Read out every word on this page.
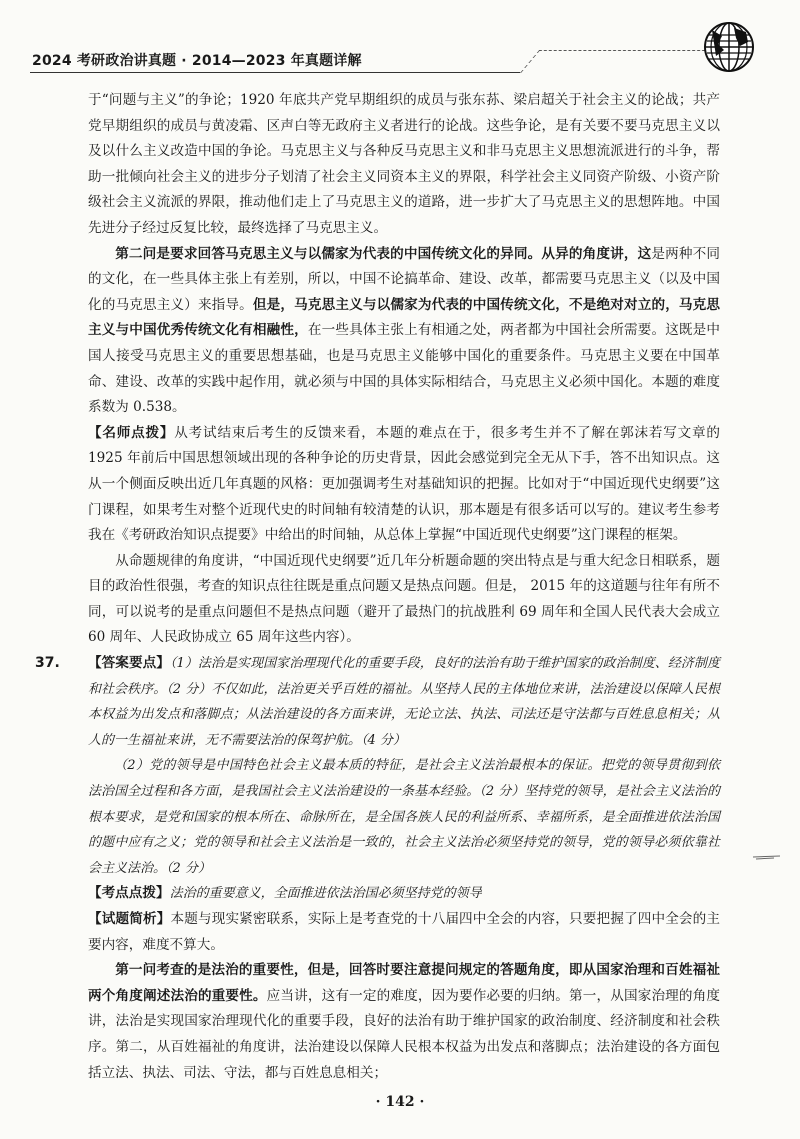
2024 考研政治讲真题 · 2014—2023 年真题详解

于“问题与主义”的争论；1920 年底共产党早期组织的成员与张东荪、梁启超关于社会主义的论战；共产党早期组织的成员与黄凌霜、区声白等无政府主义者进行的论战。这些争论，是有关要不要马克思主义以及以什么主义改造中国的争论。马克思主义与各种反马克思主义和非马克思主义思想流派进行的斗争，帮助一批倾向社会主义的进步分子划清了社会主义同资本主义的界限，科学社会主义同资产阶级、小资产阶级社会主义流派的界限，推动他们走上了马克思主义的道路，进一步扩大了马克思主义的思想阵地。中国先进分子经过反复比较，最终选择了马克思主义。

第二问是要求回答马克思主义与以儒家为代表的中国传统文化的异同。从异的角度讲，这是两种不同的文化，在一些具体主张上有差别，所以，中国不论搞革命、建设、改革，都需要马克思主义（以及中国化的马克思主义）来指导。但是，马克思主义与以儒家为代表的中国传统文化，不是绝对对立的，马克思主义与中国优秀传统文化有相融性，在一些具体主张上有相通之处，两者都为中国社会所需要。这既是中国人接受马克思主义的重要思想基础，也是马克思主义能够中国化的重要条件。马克思主义要在中国革命、建设、改革的实践中起作用，就必须与中国的具体实际相结合，马克思主义必须中国化。本题的难度系数为 0.538。

【名师点拨】从考试结束后考生的反馈来看，本题的难点在于，很多考生并不了解在郭沫若写文章的 1925 年前后中国思想领域出现的各种争论的历史背景，因此会感觉到完全无从下手，答不出知识点。这从一个侧面反映出近几年真题的风格：更加强调考生对基础知识的把握。比如对于“中国近现代史纲要”这门课程，如果考生对整个近现代史的时间轴有较清楚的认识，那本题是有很多话可以写的。建议考生参考我在《考研政治知识点提要》中给出的时间轴，从总体上掌握“中国近现代史纲要”这门课程的框架。

从命题规律的角度讲，“中国近现代史纲要”近几年分析题命题的突出特点是与重大纪念日相联系，题目的政治性很强，考查的知识点往往既是重点问题又是热点问题。但是， 2015 年的这道题与往年有所不同，可以说考的是重点问题但不是热点问题（避开了最热门的抗战胜利 69 周年和全国人民代表大会成立 60 周年、人民政协成立 65 周年这些内容）。

37. 【答案要点】（1）法治是实现国家治理现代化的重要手段，良好的法治有助于维护国家的政治制度、经济制度和社会秩序。（2 分）不仅如此，法治更关乎百姓的福祉。从坚持人民的主体地位来讲，法治建设以保障人民根本权益为出发点和落脚点；从法治建设的各方面来讲，无论立法、执法、司法还是守法都与百姓息息相关；从人的一生福祉来讲，无不需要法治的保驾护航。（4 分）

（2）党的领导是中国特色社会主义最本质的特征，是社会主义法治最根本的保证。把党的领导贯彻到依法治国全过程和各方面，是我国社会主义法治建设的一条基本经验。（2 分）坚持党的领导，是社会主义法治的根本要求，是党和国家的根本所在、命脉所在，是全国各族人民的利益所系、幸福所系，是全面推进依法治国的题中应有之义；党的领导和社会主义法治是一致的，社会主义法治必须坚持党的领导，党的领导必须依靠社会主义法治。（2 分）

【考点点拨】法治的重要意义，全面推进依法治国必须坚持党的领导

【试题简析】本题与现实紧密联系，实际上是考查党的十八届四中全会的内容，只要把握了四中全会的主要内容，难度不算大。

第一问考查的是法治的重要性，但是，回答时要注意提问规定的答题角度，即从国家治理和百姓福祉两个角度阐述法治的重要性。应当讲，这有一定的难度，因为要作必要的归纳。第一，从国家治理的角度讲，法治是实现国家治理现代化的重要手段，良好的法治有助于维护国家的政治制度、经济制度和社会秩序。第二，从百姓福祉的角度讲，法治建设以保障人民根本权益为出发点和落脚点；法治建设的各方面包括立法、执法、司法、守法，都与百姓息息相关；

· 142 ·
